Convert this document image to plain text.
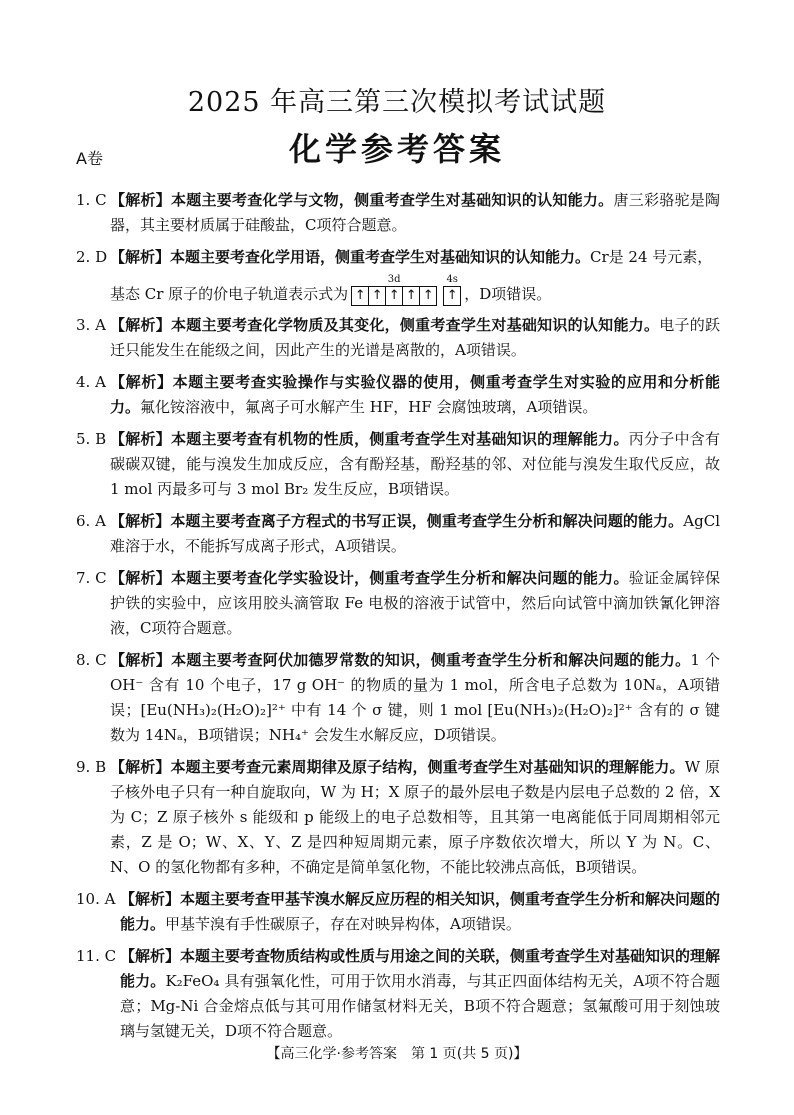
2025 年高三第三次模拟考试试题
化学参考答案
A卷
1. C 【解析】本题主要考查化学与文物，侧重考查学生对基础知识的认知能力。唐三彩骆驼是陶器，其主要材质属于硅酸盐，C项符合题意。
2. D 【解析】本题主要考查化学用语，侧重考查学生对基础知识的认知能力。Cr是 24 号元素，
基态 Cr 原子的价电子轨道表示式为
3d
↑ ↑ ↑ ↑ ↑
4s
↑ ，D项错误。
3. A 【解析】本题主要考查化学物质及其变化，侧重考查学生对基础知识的认知能力。电子的跃迁只能发生在能级之间，因此产生的光谱是离散的，A项错误。
4. A 【解析】本题主要考查实验操作与实验仪器的使用，侧重考查学生对实验的应用和分析能力。氟化铵溶液中，氟离子可水解产生 HF，HF 会腐蚀玻璃，A项错误。
5. B 【解析】本题主要考查有机物的性质，侧重考查学生对基础知识的理解能力。丙分子中含有碳碳双键，能与溴发生加成反应，含有酚羟基，酚羟基的邻、对位能与溴发生取代反应，故 1 mol 丙最多可与 3 mol Br₂ 发生反应，B项错误。
6. A 【解析】本题主要考查离子方程式的书写正误，侧重考查学生分析和解决问题的能力。AgCl 难溶于水，不能拆写成离子形式，A项错误。
7. C 【解析】本题主要考查化学实验设计，侧重考查学生分析和解决问题的能力。验证金属锌保护铁的实验中，应该用胶头滴管取 Fe 电极的溶液于试管中，然后向试管中滴加铁氰化钾溶液，C项符合题意。
8. C 【解析】本题主要考查阿伏加德罗常数的知识，侧重考查学生分析和解决问题的能力。1 个 OH⁻ 含有 10 个电子，17 g OH⁻ 的物质的量为 1 mol，所含电子总数为 10Nₐ，A项错误；[Eu(NH₃)₂(H₂O)₂]²⁺ 中有 14 个 σ 键，则 1 mol [Eu(NH₃)₂(H₂O)₂]²⁺ 含有的 σ 键数为 14Nₐ，B项错误；NH₄⁺ 会发生水解反应，D项错误。
9. B 【解析】本题主要考查元素周期律及原子结构，侧重考查学生对基础知识的理解能力。W 原子核外电子只有一种自旋取向，W 为 H；X 原子的最外层电子数是内层电子总数的 2 倍，X 为 C；Z 原子核外 s 能级和 p 能级上的电子总数相等，且其第一电离能低于同周期相邻元素，Z 是 O；W、X、Y、Z 是四种短周期元素，原子序数依次增大，所以 Y 为 N。C、N、O 的氢化物都有多种，不确定是简单氢化物，不能比较沸点高低，B项错误。
10. A 【解析】本题主要考查甲基苄溴水解反应历程的相关知识，侧重考查学生分析和解决问题的能力。甲基苄溴有手性碳原子，存在对映异构体，A项错误。
11. C 【解析】本题主要考查物质结构或性质与用途之间的关联，侧重考查学生对基础知识的理解能力。K₂FeO₄ 具有强氧化性，可用于饮用水消毒，与其正四面体结构无关，A项不符合题意；Mg-Ni 合金熔点低与其可用作储氢材料无关，B项不符合题意；氢氟酸可用于刻蚀玻璃与氢键无关，D项不符合题意。
【高三化学·参考答案　第 1 页(共 5 页)】
